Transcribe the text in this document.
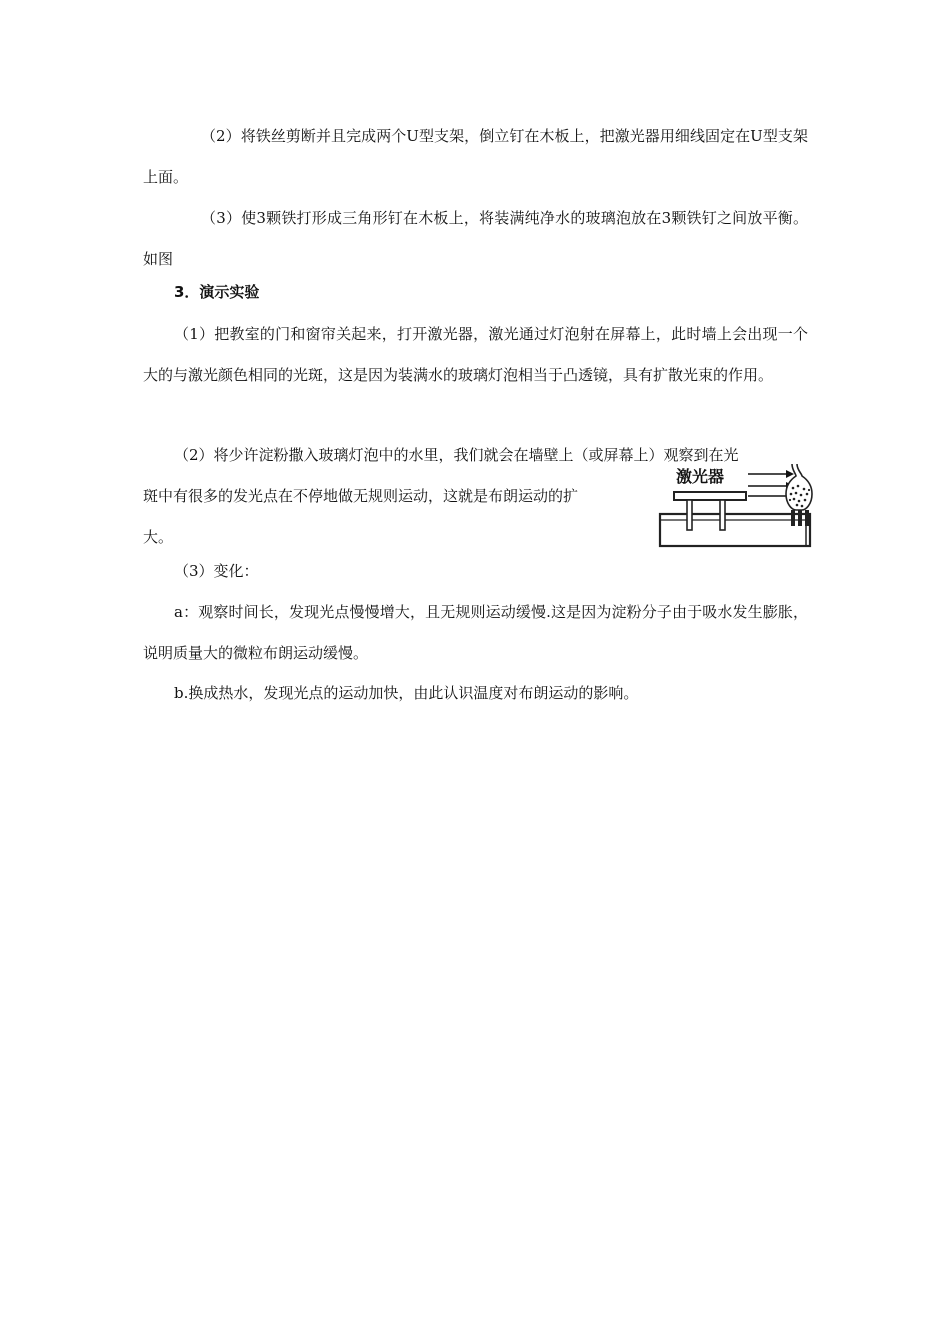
（2）将铁丝剪断并且完成两个U型支架，倒立钉在木板上，把激光器用细线固定在U型支架上面。

（3）使3颗铁打形成三角形钉在木板上，将装满纯净水的玻璃泡放在3颗铁钉之间放平衡。如图

3．演示实验

（1）把教室的门和窗帘关起来，打开激光器，激光通过灯泡射在屏幕上，此时墙上会出现一个大的与激光颜色相同的光斑，这是因为装满水的玻璃灯泡相当于凸透镜，具有扩散光束的作用。

（2）将少许淀粉撒入玻璃灯泡中的水里，我们就会在墙壁上（或屏幕上）观察到在光
斑中有很多的发光点在不停地做无规则运动，这就是布朗运动的扩
大。
激光器

（3）变化：

a：观察时间长，发现光点慢慢增大，且无规则运动缓慢.这是因为淀粉分子由于吸水发生膨胀，说明质量大的微粒布朗运动缓慢。

b.换成热水，发现光点的运动加快，由此认识温度对布朗运动的影响。
